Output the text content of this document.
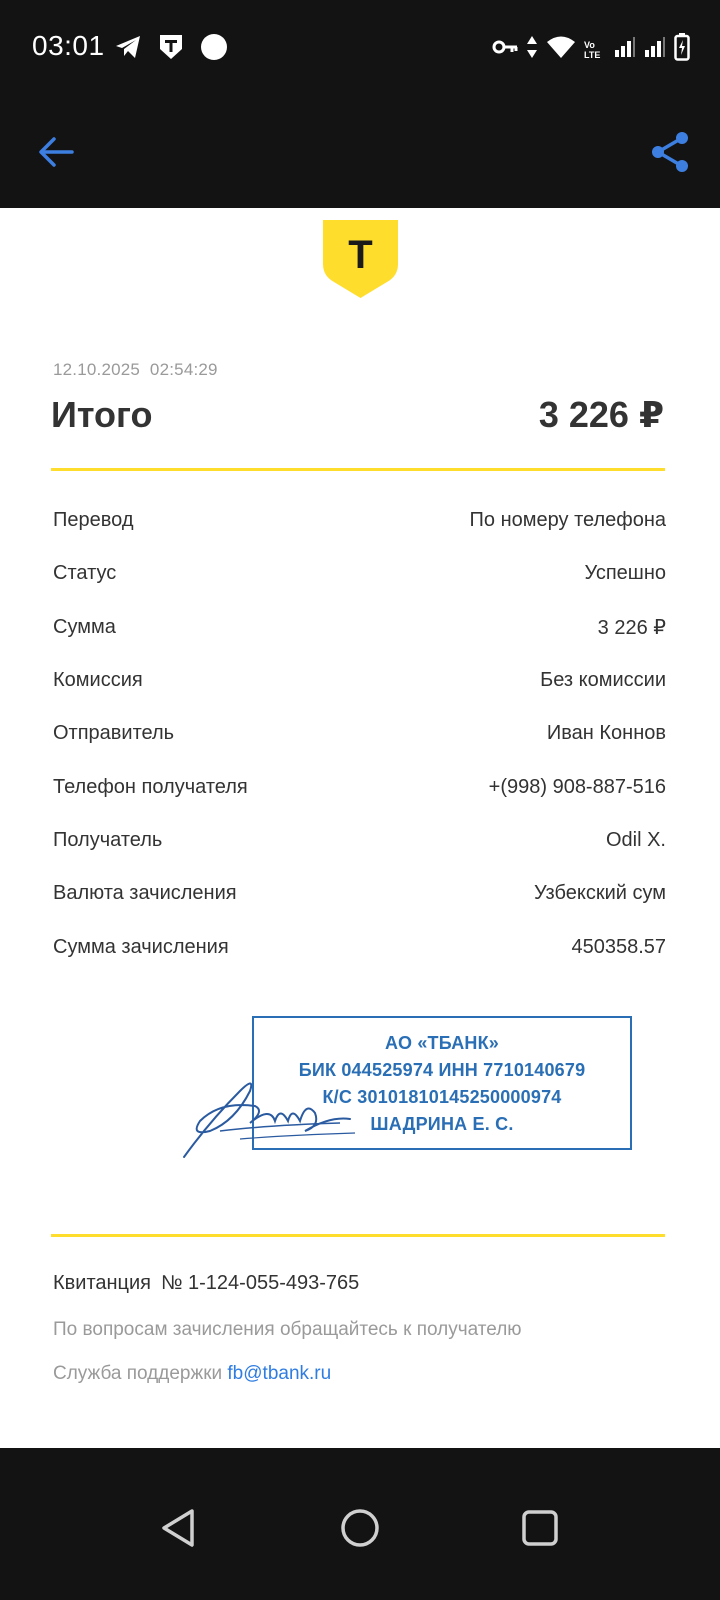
03:01	Vo LTE
Т
12.10.2025  02:54:29
Итого	3 226 ₽
Перевод	По номеру телефона
Статус	Успешно
Сумма	3 226 ₽
Комиссия	Без комиссии
Отправитель	Иван Коннов
Телефон получателя	+(998) 908-887-516
Получатель	Odil X.
Валюта зачисления	Узбекский сум
Сумма зачисления	450358.57
АО «ТБАНК»
БИК 044525974 ИНН 7710140679
К/С 30101810145250000974
ШАДРИНА Е. С.
Квитанция № 1-124-055-493-765
По вопросам зачисления обращайтесь к получателю
Служба поддержки fb@tbank.ru
